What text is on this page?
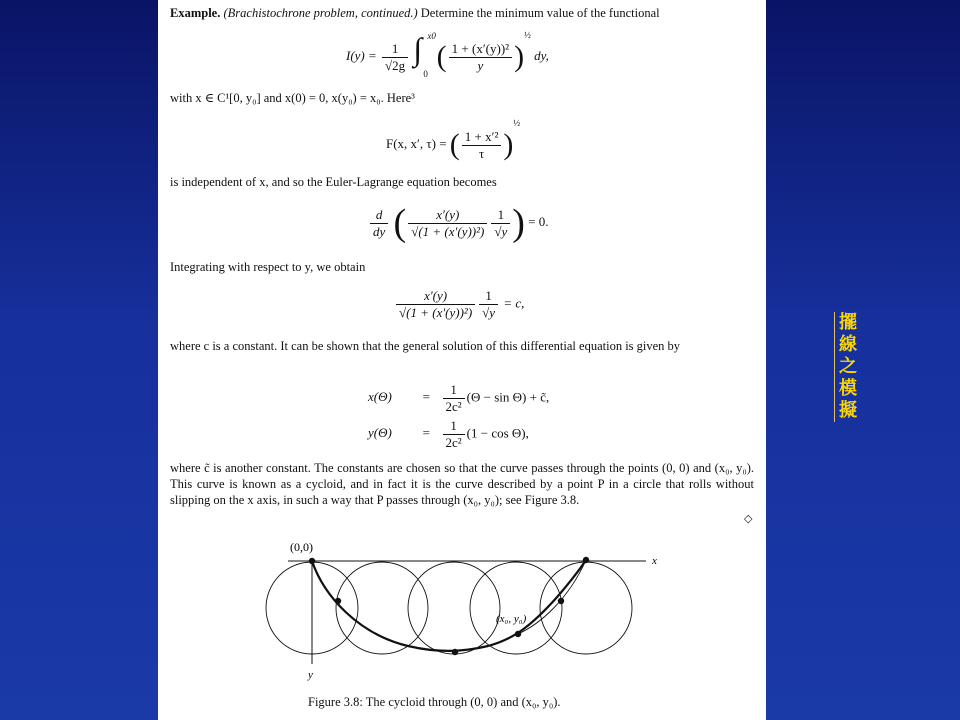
擺線之模擬
Example. (Brachistochrone problem, continued.) Determine the minimum value of the functional
$I(y) = \frac{1}{√2g}$
∫ x0
0
( $\frac{\text{1 + (x′(y))²}}{y} )^{\frac{1}{2}}$ dy,
with x ∈ C¹[0, y₀] and x(0) = 0, x(y₀) = x₀. Here³
F(x, x′, τ) = ( $\frac{\text{1 + x′²}}{\tau} )^{\frac{1}{2}}$
is independent of x, and so the Euler-Lagrange equation becomes
$\frac{d}{dy}$ ( $\frac{x'(y)}{\text{√(1 + (x′(y))²)}} \frac{1}{√y}$ ) = 0.
Integrating with respect to y, we obtain
$\frac{x'(y)}{\text{√(1 + (x′(y))²)}} \frac{1}{√y} = c$,
where c is a constant. It can be shown that the general solution of this differential equation is given by
$x(\Theta) = \frac{1}{\text{2c²}} (\Theta - \sin \Theta)$ + c̃,
$y(\Theta) = \frac{1}{\text{2c²}} (1 - \cos \Theta)$,
where c̃ is another constant. The constants are chosen so that the curve passes through the points (0, 0) and (x₀, y₀). This curve is known as a cycloid, and in fact it is the curve described by a point P in a circle that rolls without slipping on the x axis, in such a way that P passes through (x₀, y₀); see Figure 3.8.
◇
(0,0)
x
y
(x₀, y₀)
Figure 3.8: The cycloid through (0, 0) and (x₀, y₀).
